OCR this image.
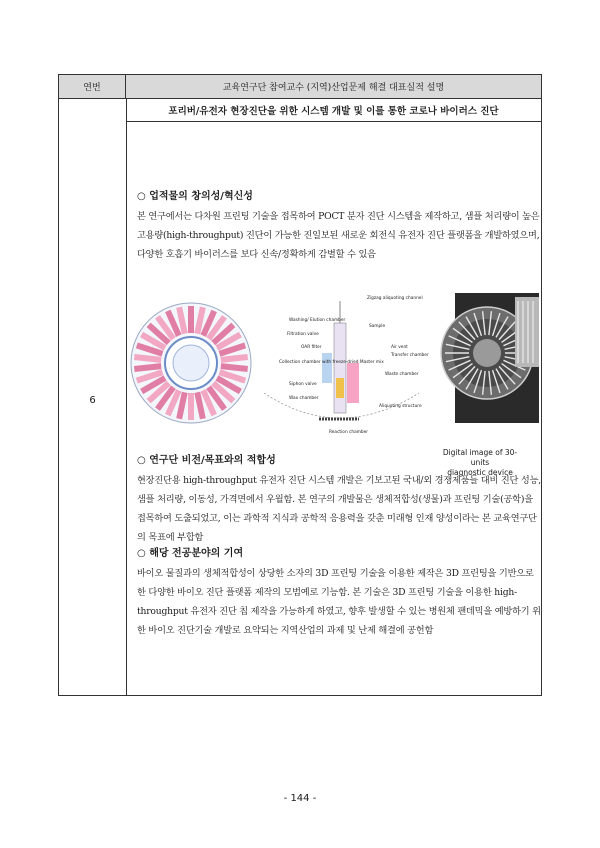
연번	교육연구단 참여교수 (지역)산업문제 해결 대표실적 설명
포리버/유전자 현장진단을 위한 시스템 개발 및 이를 통한 코로나 바이러스 진단
6
○ 업적물의 창의성/혁신성

본 연구에서는 다차원 프린팅 기술을 접목하여 POCT 분자 진단 시스템을 제작하고, 샘플 처리량이 높은 고용량(high-throughput) 진단이 가능한 진일보된 새로운 회전식 유전자 진단 플랫폼을 개발하였으며, 다양한 호흡기 바이러스를 보다 신속/정확하게 감별할 수 있음

Zigzag aliquoting channel
Washing/ Elution chamber
Sample
Filtration valve
Air vent
OAR filter
Transfer chamber
Collection chamber with freeze-dried Master mix
Siphon valve
Waste chamber
Wax chamber
Aliquoting structure
Reaction chamber
Digital image of 30-units
diagnostic device
○ 연구단 비전/목표와의 적합성

현장진단용 high-throughput 유전자 진단 시스템 개발은 기보고된 국내/외 경쟁제품들 대비 진단 성능, 샘플 처리량, 이동성, 가격면에서 우월함. 본 연구의 개발물은 생체적합성(생물)과 프린팅 기술(공학)을 접목하여 도출되었고, 이는 과학적 지식과 공학적 응용력을 갖춘 미래형 인재 양성이라는 본 교육연구단의 목표에 부합함

○ 해당 전공분야의 기여

바이오 물질과의 생체적합성이 상당한 소자의 3D 프린팅 기술을 이용한 제작은 3D 프린팅을 기반으로 한 다양한 바이오 진단 플랫폼 제작의 모범예로 기능함. 본 기술은 3D 프린팅 기술을 이용한 high-throughput 유전자 진단 칩 제작을 가능하게 하였고, 향후 발생할 수 있는 병원체 팬데믹을 예방하기 위한 바이오 진단기술 개발로 요약되는 지역산업의 과제 및 난제 해결에 공헌함

- 144 -
